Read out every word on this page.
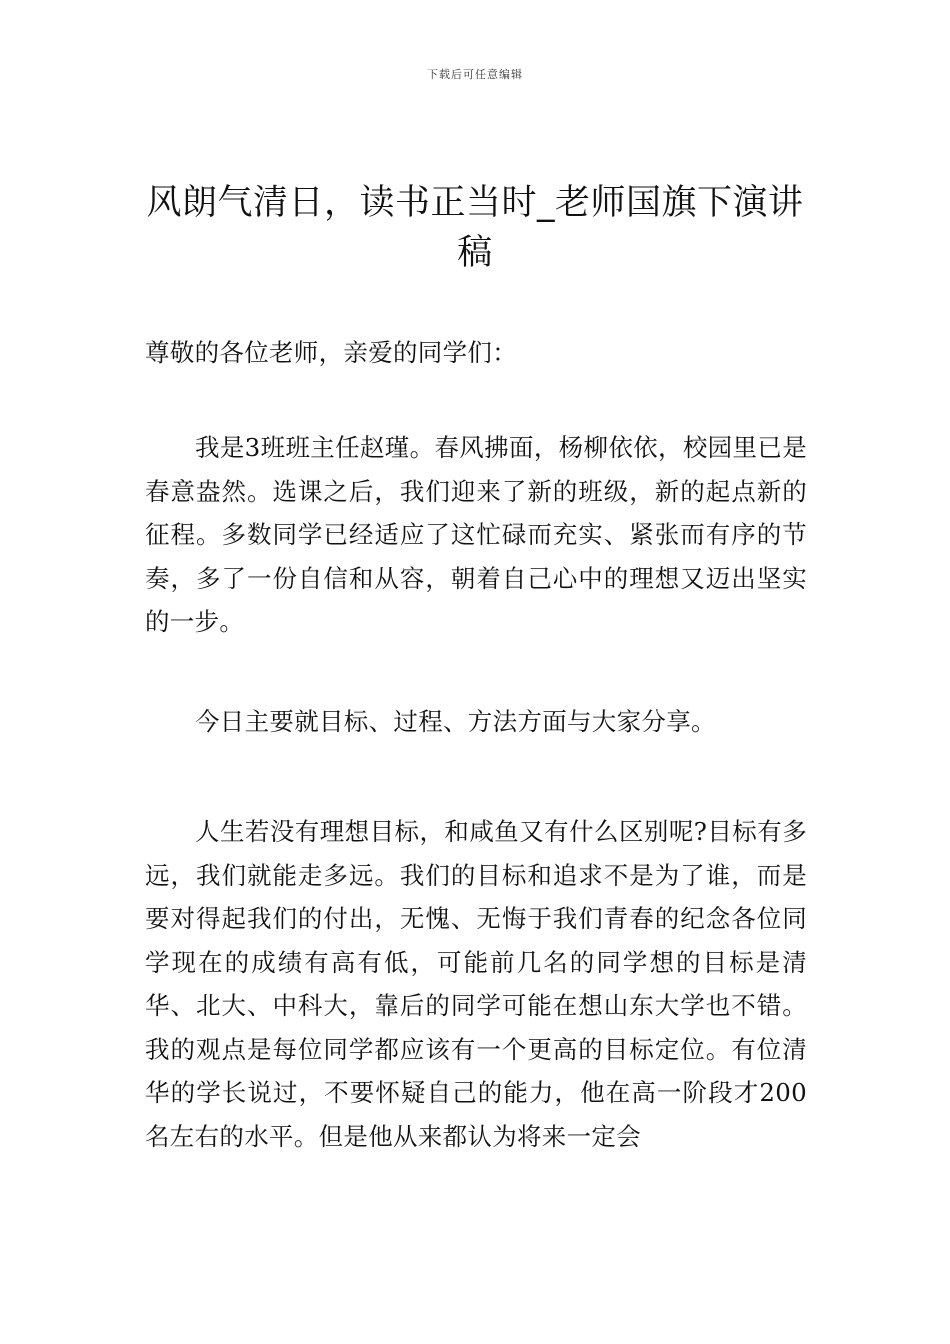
下载后可任意编辑
风朗气清日，读书正当时_老师国旗下演讲稿

尊敬的各位老师，亲爱的同学们：

我是3班班主任赵瑾。春风拂面，杨柳依依，校园里已是春意盎然。选课之后，我们迎来了新的班级，新的起点新的征程。多数同学已经适应了这忙碌而充实、紧张而有序的节奏，多了一份自信和从容，朝着自己心中的理想又迈出坚实的一步。

今日主要就目标、过程、方法方面与大家分享。

人生若没有理想目标，和咸鱼又有什么区别呢?目标有多远，我们就能走多远。我们的目标和追求不是为了谁，而是要对得起我们的付出，无愧、无悔于我们青春的纪念各位同学现在的成绩有高有低，可能前几名的同学想的目标是清华、北大、中科大，靠后的同学可能在想山东大学也不错。我的观点是每位同学都应该有一个更高的目标定位。有位清华的学长说过，不要怀疑自己的能力，他在高一阶段才200名左右的水平。但是他从来都认为将来一定会
